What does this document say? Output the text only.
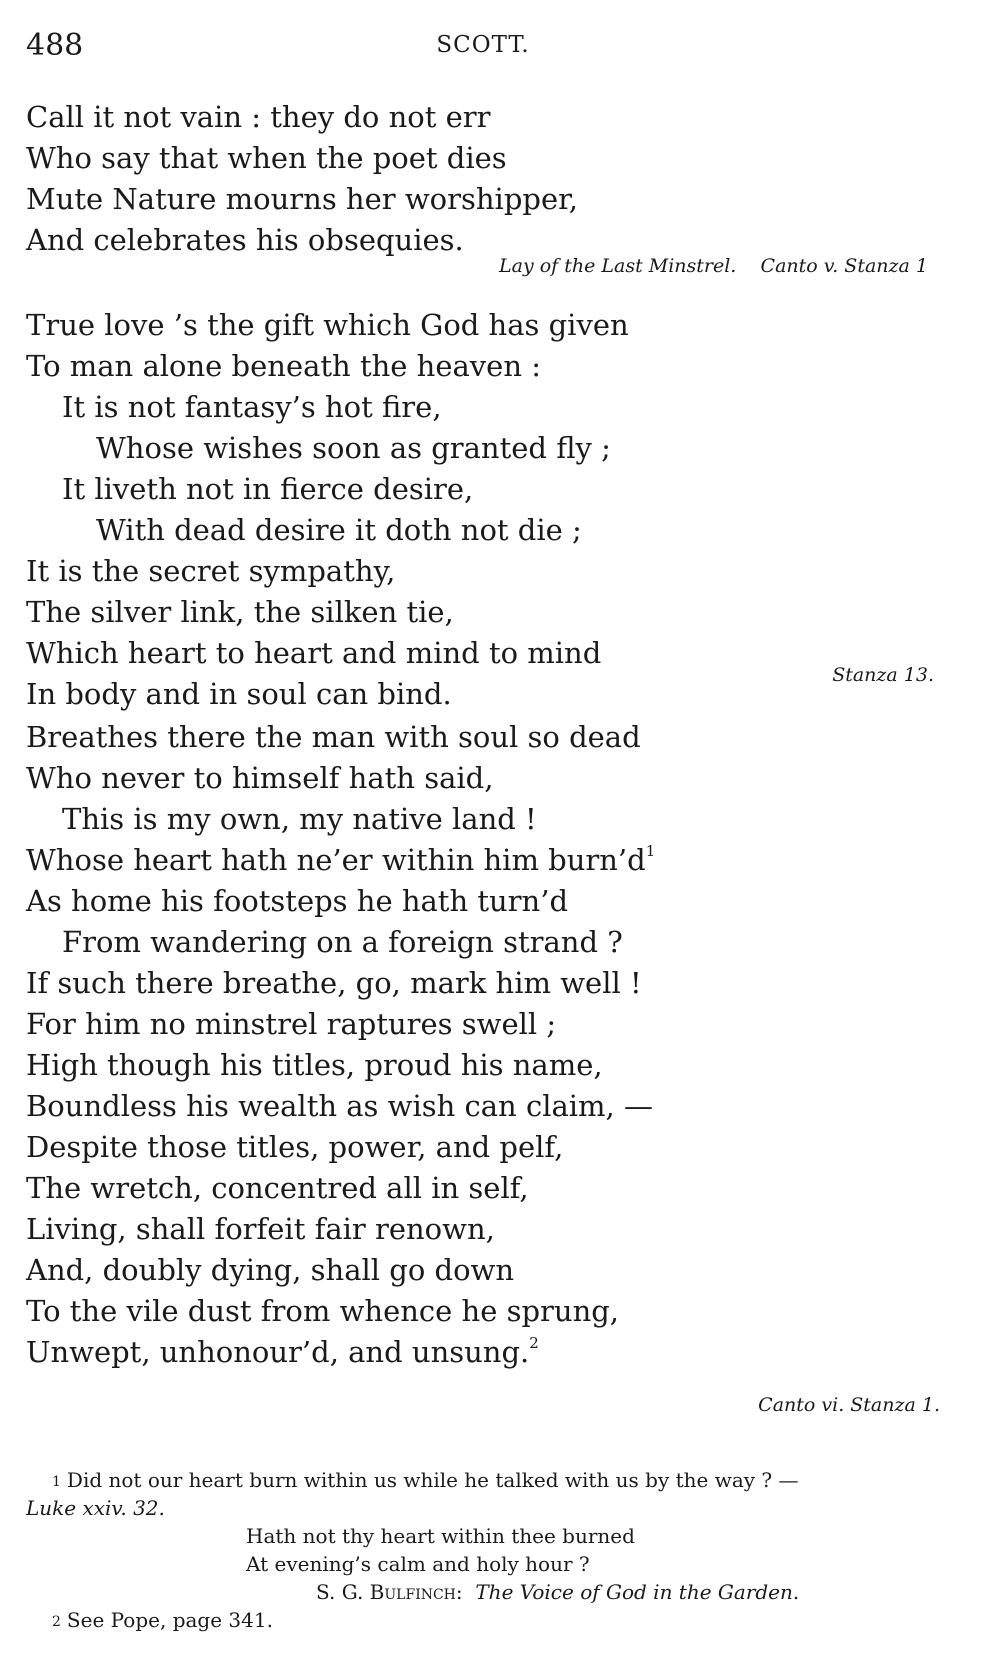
488	SCOTT.
Call it not vain : they do not err
Who say that when the poet dies
Mute Nature mourns her worshipper,
And celebrates his obsequies.
Lay of the Last Minstrel. Canto v. Stanza 1
True love ’s the gift which God has given
To man alone beneath the heaven :
It is not fantasy’s hot fire,
Whose wishes soon as granted fly ;
It liveth not in fierce desire,
With dead desire it doth not die ;
It is the secret sympathy,
The silver link, the silken tie,
Which heart to heart and mind to mind
In body and in soul can bind.
Stanza 13.
Breathes there the man with soul so dead
Who never to himself hath said,
This is my own, my native land !
Whose heart hath ne’er within him $burn’d^1$
As home his footsteps he hath turn’d
From wandering on a foreign strand ?
If such there breathe, go, mark him well !
For him no minstrel raptures swell ;
High though his titles, proud his name,
Boundless his wealth as wish can claim, —
Despite those titles, power, and pelf,
The wretch, concentred all in self,
Living, shall forfeit fair renown,
And, doubly dying, shall go down
To the vile dust from whence he sprung,
Unwept, unhonour’d, and unsung.$^2$
Canto vi. Stanza 1.
$^1$ Did not our heart burn within us while he talked with us by the way ? —
Luke xxiv. 32.
Hath not thy heart within thee burned
At evening’s calm and holy hour ?
S. G. Bulfinch:  The Voice of God in the Garden.
$^2$ See Pope, page 341.
